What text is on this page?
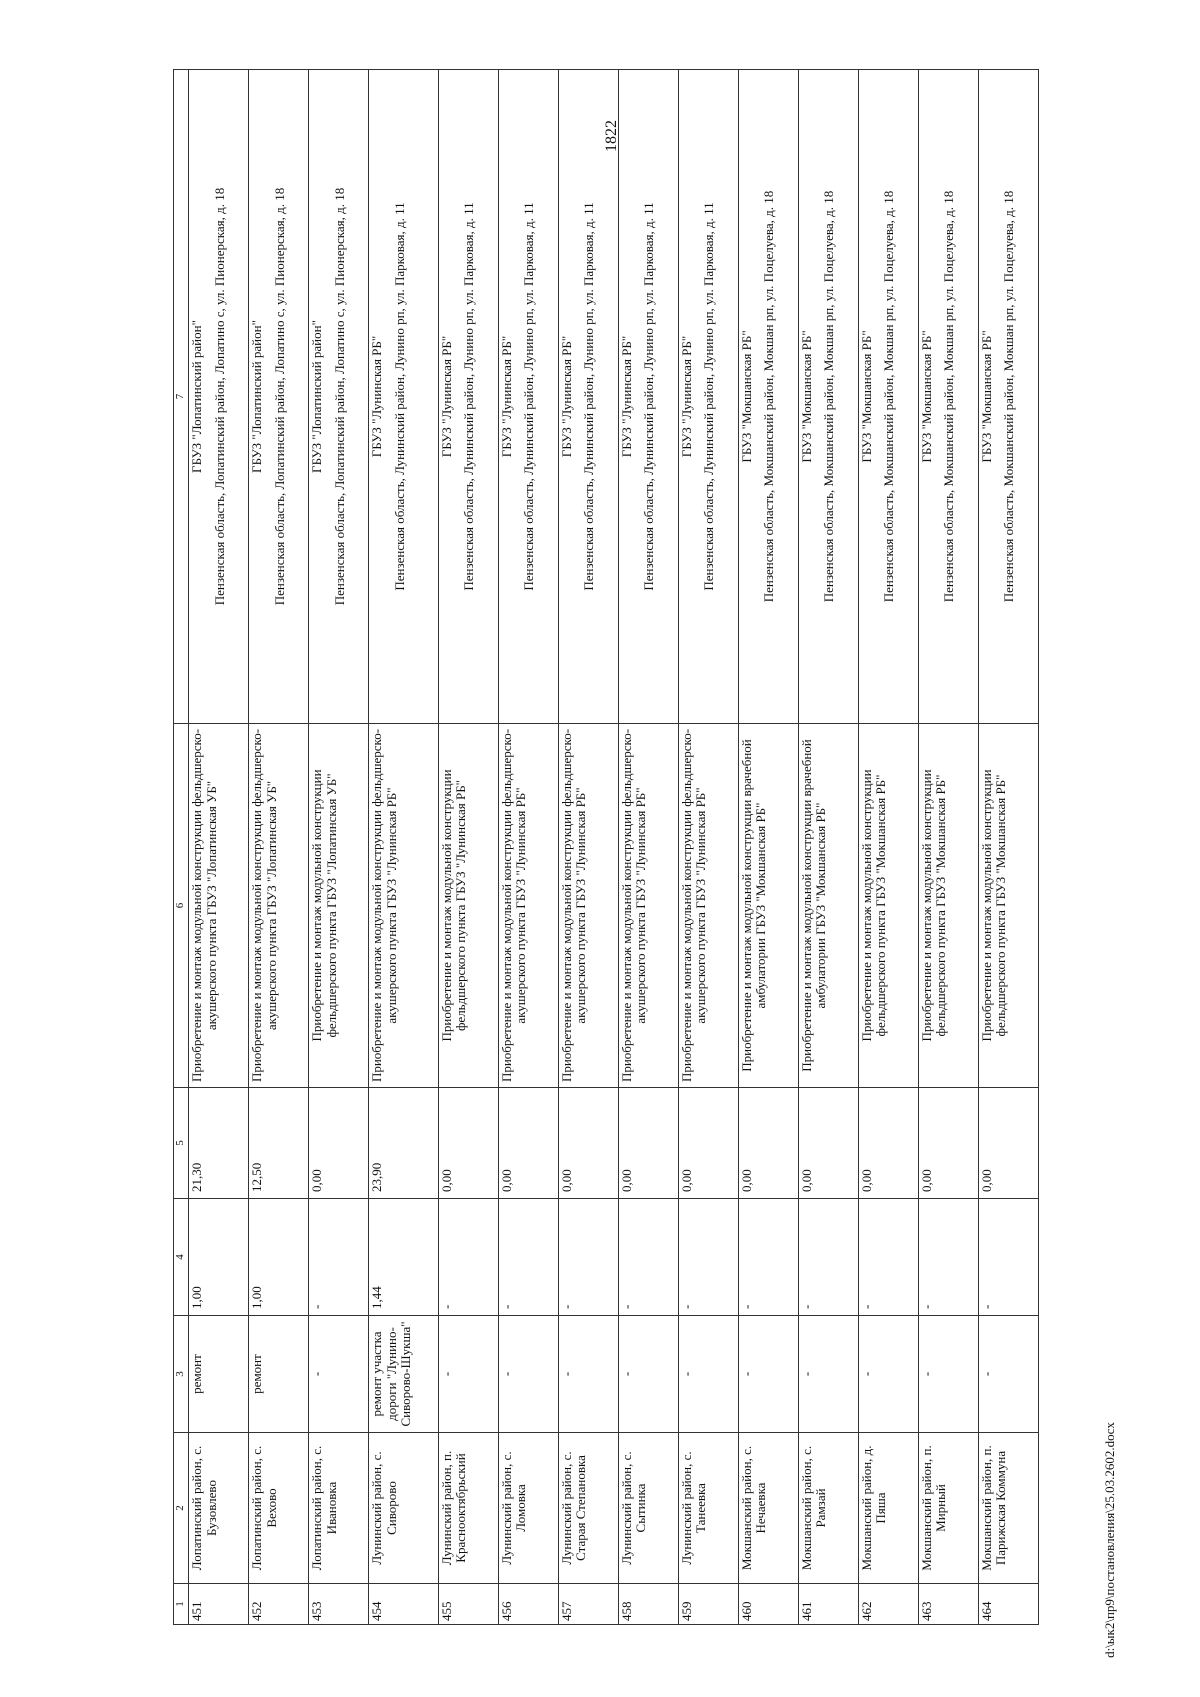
1822
1	2	3	4	5	6	7
451	Лопатинский район, с. Бузовлево	ремонт	1,00	21,30	Приобретение и монтаж модульной конструкции фельдшерско-акушерского пункта ГБУЗ "Лопатинская УБ"	ГБУЗ "Лопатинский район" Пензенская область, Лопатинский район, Лопатино с, ул. Пионерская, д. 18

452	Лопатинский район, с. Вехово	ремонт	1,00	12,50	Приобретение и монтаж модульной конструкции фельдшерско-акушерского пункта ГБУЗ "Лопатинская УБ"	ГБУЗ "Лопатинский район" Пензенская область, Лопатинский район, Лопатино с, ул. Пионерская, д. 18

453	Лопатинский район, с. Ивановка	-	-	0,00	Приобретение и монтаж модульной конструкции фельдшерского пункта ГБУЗ "Лопатинская УБ"	ГБУЗ "Лопатинский район" Пензенская область, Лопатинский район, Лопатино с, ул. Пионерская, д. 18

454	Лунинский район, с. Сиворово	ремонт участка дороги "Лунино-Сиворово-Шукша"	1,44	23,90	Приобретение и монтаж модульной конструкции фельдшерско-акушерского пункта ГБУЗ "Лунинская РБ"	ГБУЗ "Лунинская РБ" Пензенская область, Лунинский район, Лунино рп, ул. Парковая, д. 11

455	Лунинский район, п. Краснооктябрьский	-	-	0,00	Приобретение и монтаж модульной конструкции фельдшерского пункта ГБУЗ "Лунинская РБ"	ГБУЗ "Лунинская РБ" Пензенская область, Лунинский район, Лунино рп, ул. Парковая, д. 11

456	Лунинский район, с. Ломовка	-	-	0,00	Приобретение и монтаж модульной конструкции фельдшерско-акушерского пункта ГБУЗ "Лунинская РБ"	ГБУЗ "Лунинская РБ" Пензенская область, Лунинский район, Лунино рп, ул. Парковая, д. 11

457	Лунинский район, с. Старая Степановка	-	-	0,00	Приобретение и монтаж модульной конструкции фельдшерско-акушерского пункта ГБУЗ "Лунинская РБ"	ГБУЗ "Лунинская РБ" Пензенская область, Лунинский район, Лунино рп, ул. Парковая, д. 11

458	Лунинский район, с. Сытинка	-	-	0,00	Приобретение и монтаж модульной конструкции фельдшерско-акушерского пункта ГБУЗ "Лунинская РБ"	ГБУЗ "Лунинская РБ" Пензенская область, Лунинский район, Лунино рп, ул. Парковая, д. 11

459	Лунинский район, с. Танеевка	-	-	0,00	Приобретение и монтаж модульной конструкции фельдшерско-акушерского пункта ГБУЗ "Лунинская РБ"	ГБУЗ "Лунинская РБ" Пензенская область, Лунинский район, Лунино рп, ул. Парковая, д. 11

460	Мокшанский район, с. Нечаевка	-	-	0,00	Приобретение и монтаж модульной конструкции врачебной амбулатории ГБУЗ "Мокшанская РБ"	ГБУЗ "Мокшанская РБ" Пензенская область, Мокшанский район, Мокшан рп, ул. Поцелуева, д. 18

461	Мокшанский район, с. Рамзай	-	-	0,00	Приобретение и монтаж модульной конструкции врачебной амбулатории ГБУЗ "Мокшанская РБ"	ГБУЗ "Мокшанская РБ" Пензенская область, Мокшанский район, Мокшан рп, ул. Поцелуева, д. 18

462	Мокшанский район, д. Пяша	-	-	0,00	Приобретение и монтаж модульной конструкции фельдшерского пункта ГБУЗ "Мокшанская РБ"	ГБУЗ "Мокшанская РБ" Пензенская область, Мокшанский район, Мокшан рп, ул. Поцелуева, д. 18

463	Мокшанский район, п. Мирный	-	-	0,00	Приобретение и монтаж модульной конструкции фельдшерского пункта ГБУЗ "Мокшанская РБ"	ГБУЗ "Мокшанская РБ" Пензенская область, Мокшанский район, Мокшан рп, ул. Поцелуева, д. 18

464	Мокшанский район, п. Парижская Коммуна	-	-	0,00	Приобретение и монтаж модульной конструкции фельдшерского пункта ГБУЗ "Мокшанская РБ"	ГБУЗ "Мокшанская РБ" Пензенская область, Мокшанский район, Мокшан рп, ул. Поцелуева, д. 18
d:\ык2\пр9\постановления\25.03.2602.docx
